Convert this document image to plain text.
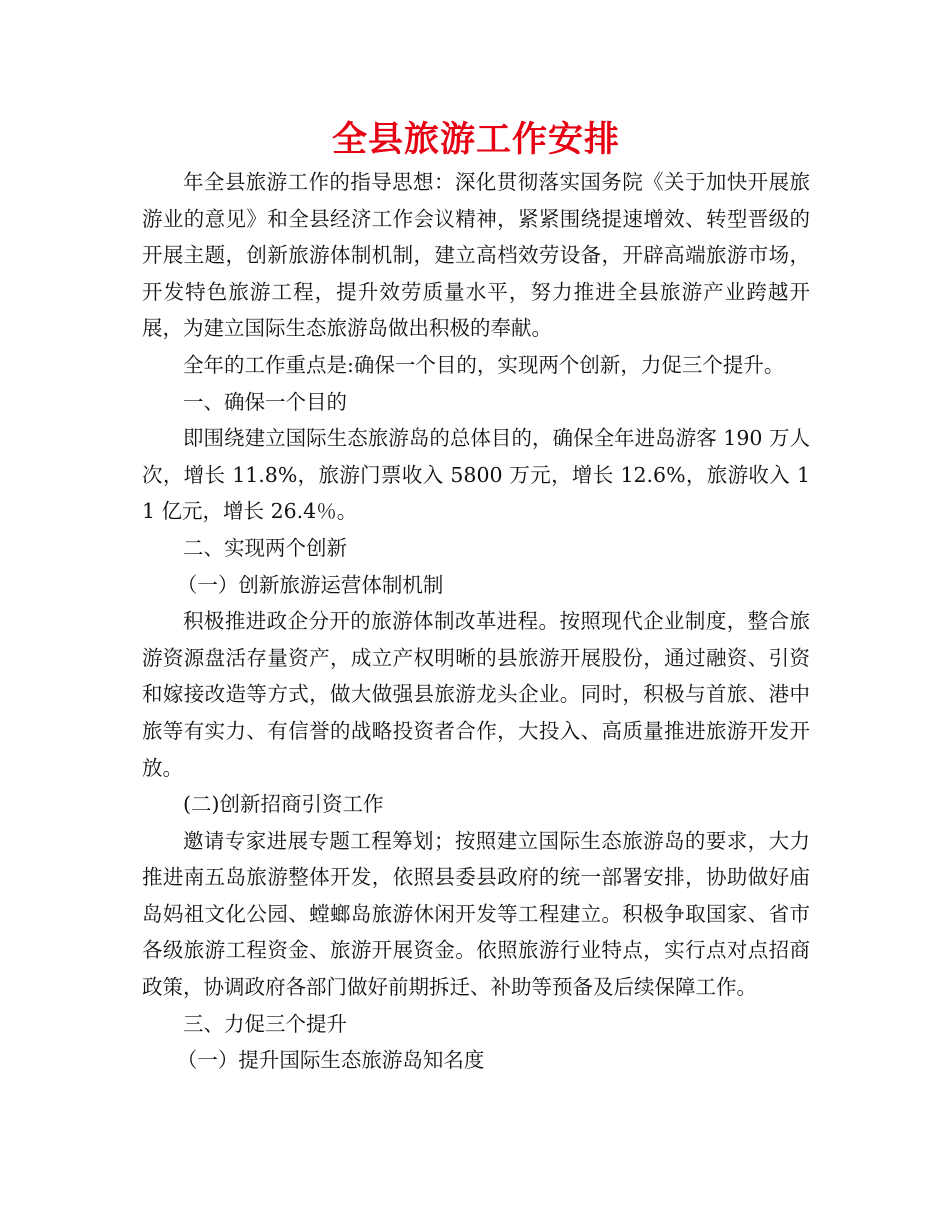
全县旅游工作安排

年全县旅游工作的指导思想：深化贯彻落实国务院《关于加快开展旅游业的意见》和全县经济工作会议精神，紧紧围绕提速增效、转型晋级的开展主题，创新旅游体制机制，建立高档效劳设备，开辟高端旅游市场，开发特色旅游工程，提升效劳质量水平，努力推进全县旅游产业跨越开展，为建立国际生态旅游岛做出积极的奉献。

全年的工作重点是:确保一个目的，实现两个创新，力促三个提升。

一、确保一个目的

即围绕建立国际生态旅游岛的总体目的，确保全年进岛游客 190 万人次，增长 11.8%，旅游门票收入 5800 万元，增长 12.6%，旅游收入 11 亿元，增长 26.4％。

二、实现两个创新

（一）创新旅游运营体制机制

积极推进政企分开的旅游体制改革进程。按照现代企业制度，整合旅游资源盘活存量资产，成立产权明晰的县旅游开展股份，通过融资、引资和嫁接改造等方式，做大做强县旅游龙头企业。同时，积极与首旅、港中旅等有实力、有信誉的战略投资者合作，大投入、高质量推进旅游开发开放。

(二)创新招商引资工作

邀请专家进展专题工程筹划；按照建立国际生态旅游岛的要求，大力推进南五岛旅游整体开发，依照县委县政府的统一部署安排，协助做好庙岛妈祖文化公园、螳螂岛旅游休闲开发等工程建立。积极争取国家、省市各级旅游工程资金、旅游开展资金。依照旅游行业特点，实行点对点招商政策，协调政府各部门做好前期拆迁、补助等预备及后续保障工作。

三、力促三个提升

（一）提升国际生态旅游岛知名度
